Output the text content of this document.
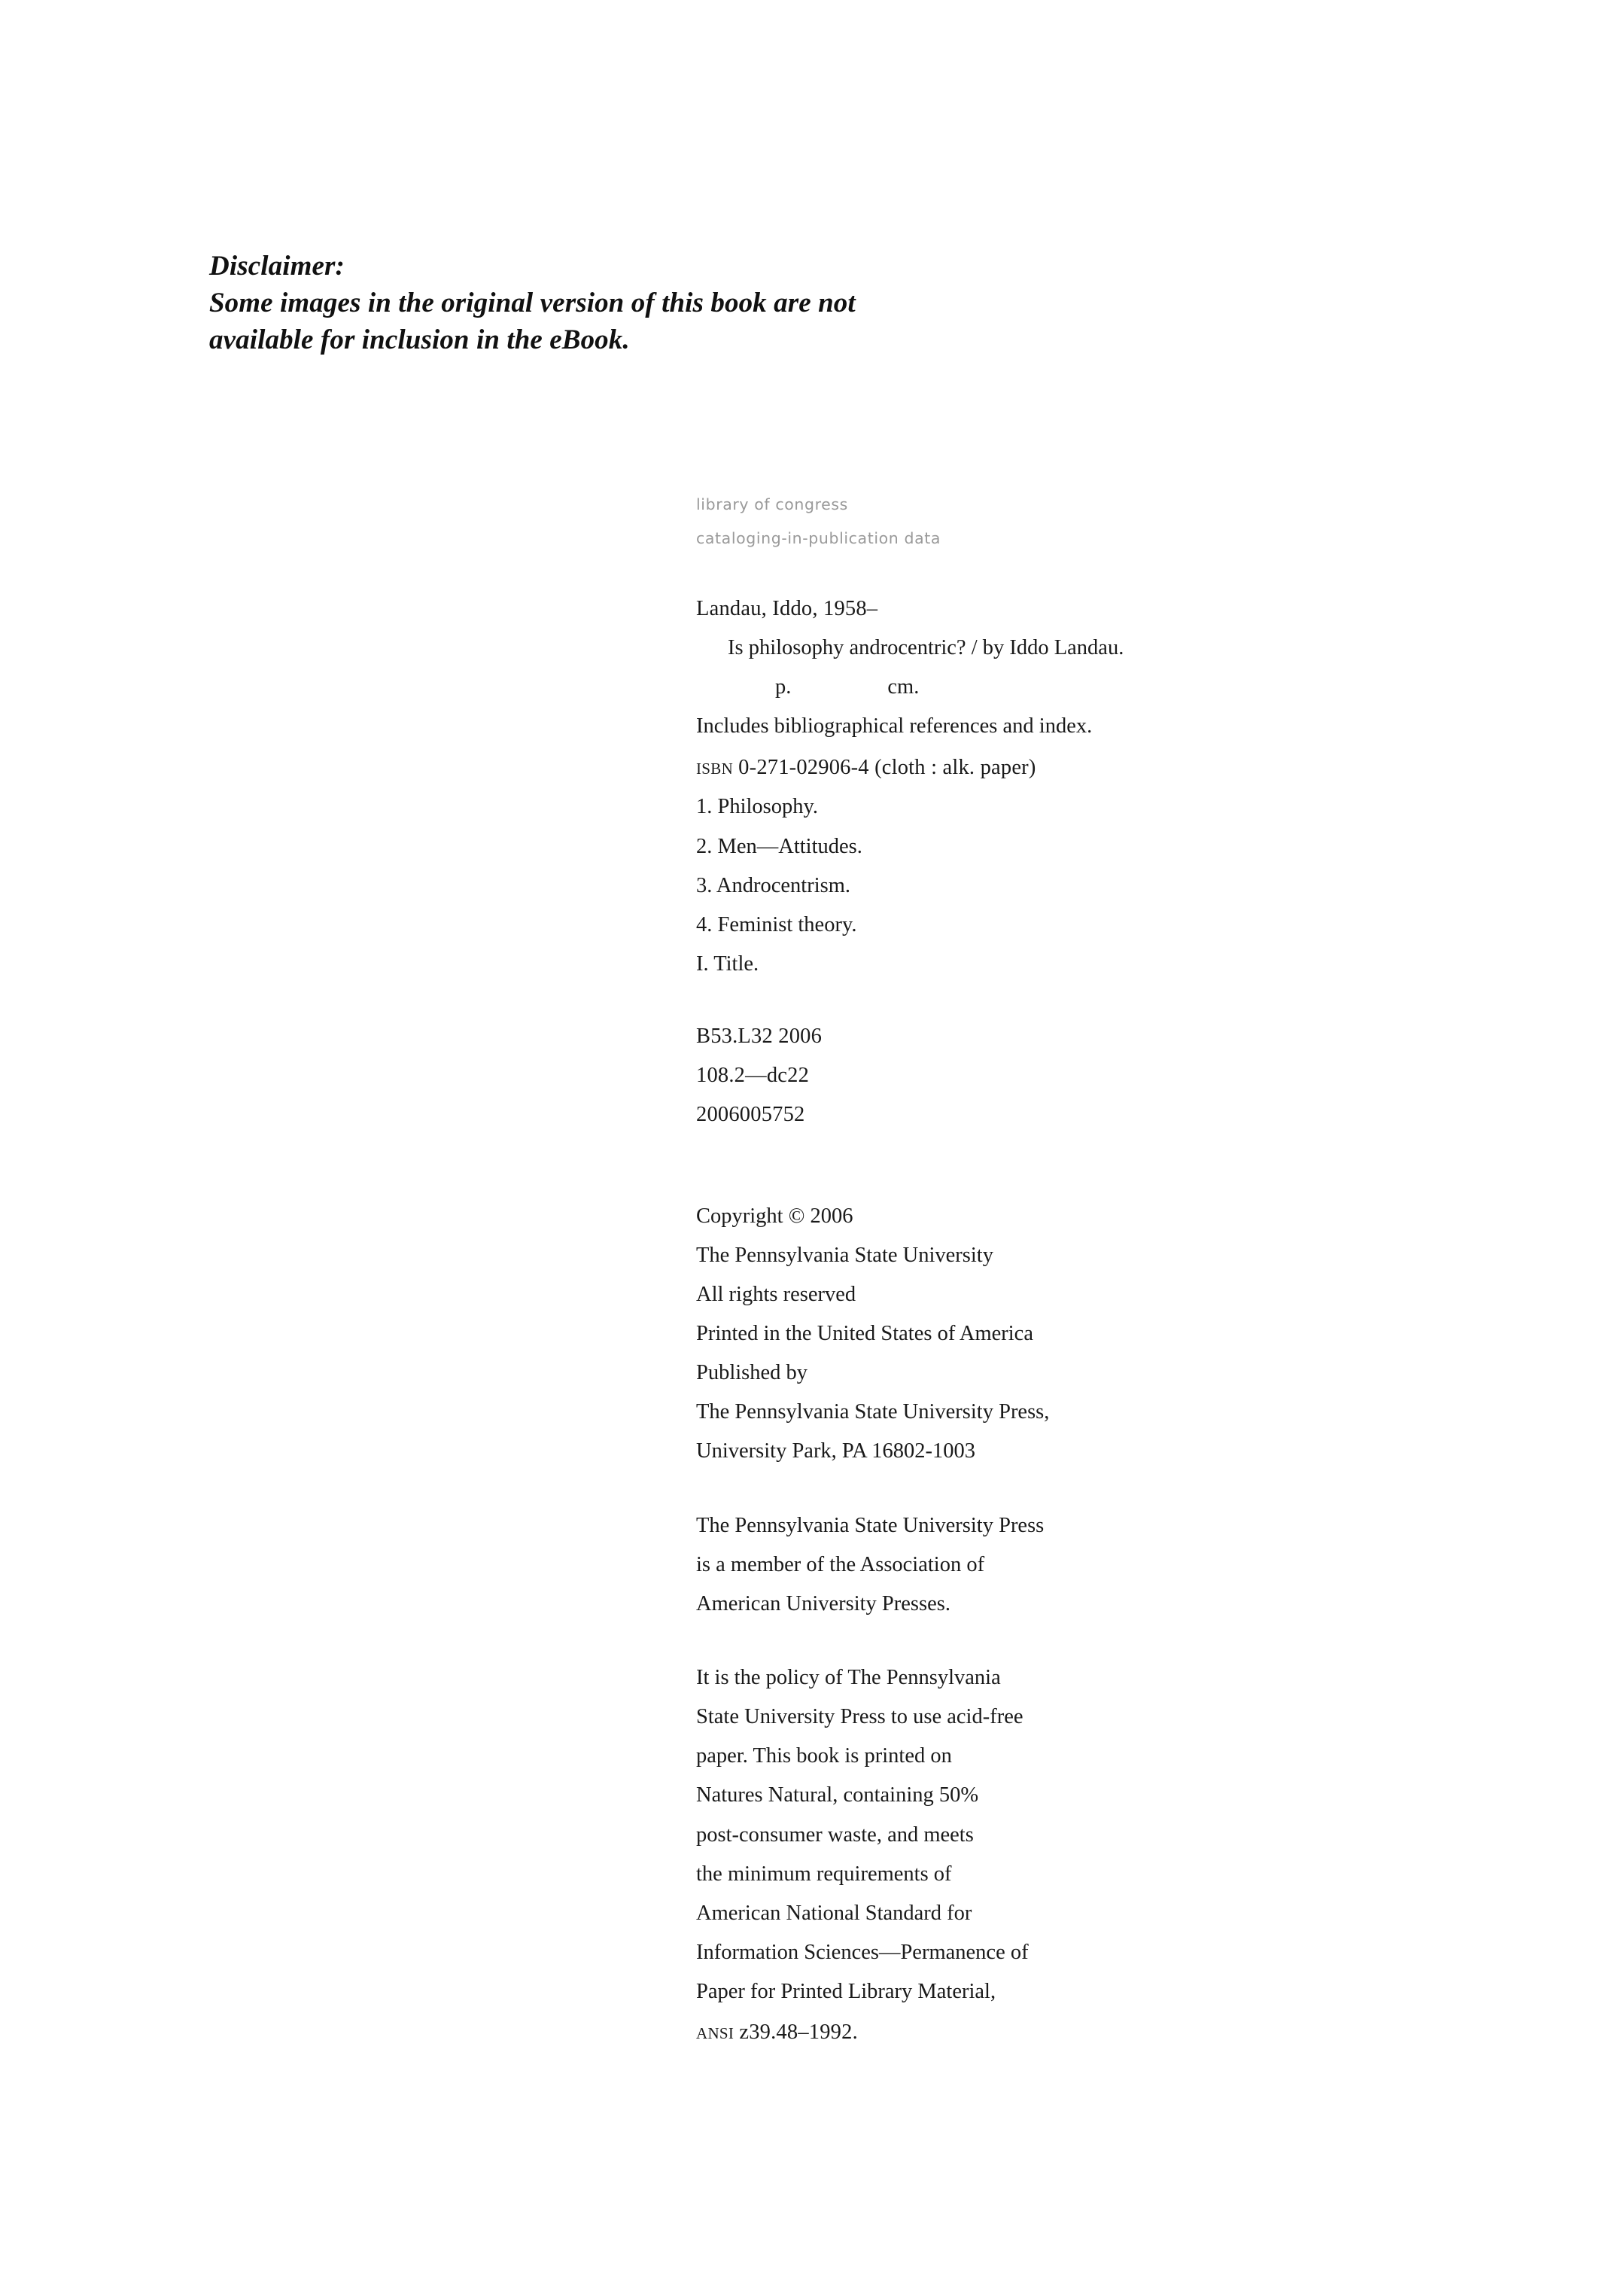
Disclaimer:
Some images in the original version of this book are not
available for inclusion in the eBook.
library of congress
cataloging-in-publication data
Landau, Iddo, 1958–
Is philosophy androcentric? / by Iddo Landau.
p.	cm.
Includes bibliographical references and index.
isbn 0-271-02906-4 (cloth : alk. paper)
1. Philosophy.
2. Men—Attitudes.
3. Androcentrism.
4. Feminist theory.
I. Title.
B53.L32 2006
108.2—dc22
2006005752
Copyright © 2006
The Pennsylvania State University
All rights reserved
Printed in the United States of America
Published by
The Pennsylvania State University Press,
University Park, PA 16802-1003
The Pennsylvania State University Press
is a member of the Association of
American University Presses.
It is the policy of The Pennsylvania
State University Press to use acid-free
paper. This book is printed on
Natures Natural, containing 50%
post-consumer waste, and meets
the minimum requirements of
American National Standard for
Information Sciences—Permanence of
Paper for Printed Library Material,
ansi z39.48–1992.
